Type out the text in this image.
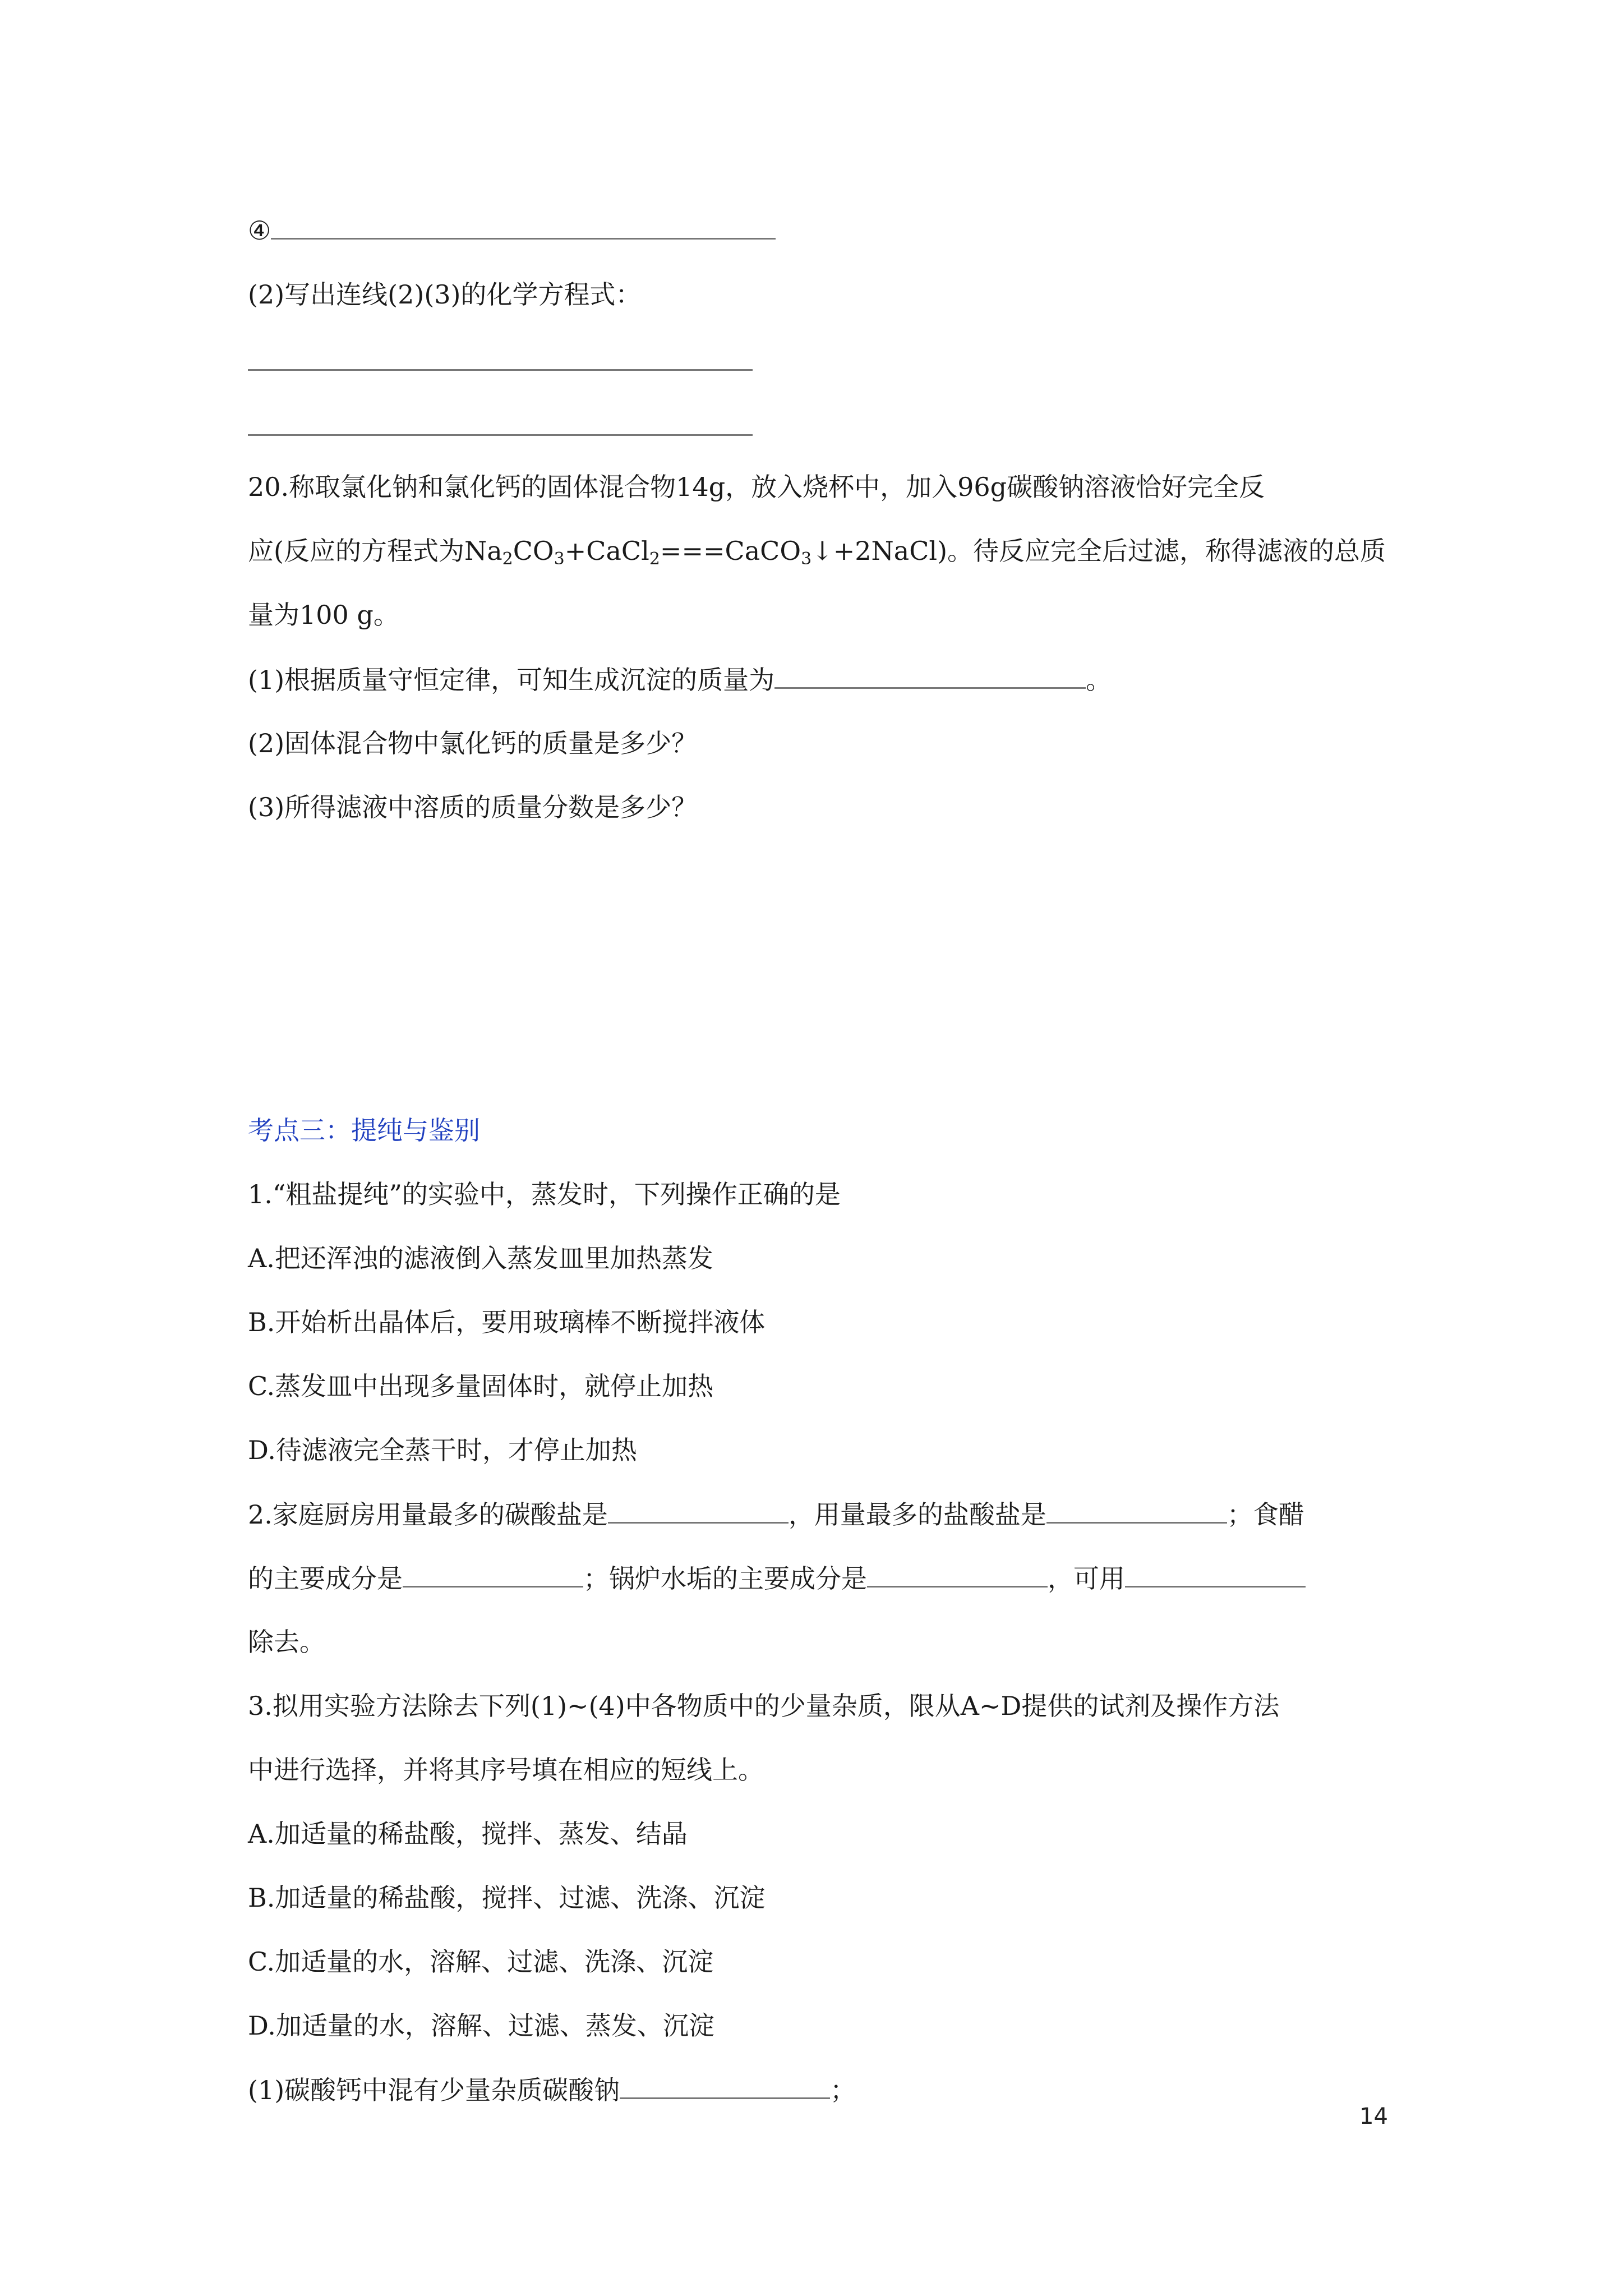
④
(2)写出连线(2)(3)的化学方程式：
20.称取氯化钠和氯化钙的固体混合物14g，放入烧杯中，加入96g碳酸钠溶液恰好完全反
应(反应的方程式为$Na_2CO_3+CaCl_2===CaCO_3↓+2NaCl$)。待反应完全后过滤，称得滤液的总质
量为100 g。
(1)根据质量守恒定律，可知生成沉淀的质量为	。
(2)固体混合物中氯化钙的质量是多少？
(3)所得滤液中溶质的质量分数是多少？
考点三：提纯与鉴别
1.“粗盐提纯”的实验中，蒸发时，下列操作正确的是
A.把还浑浊的滤液倒入蒸发皿里加热蒸发
B.开始析出晶体后，要用玻璃棒不断搅拌液体
C.蒸发皿中出现多量固体时，就停止加热
D.待滤液完全蒸干时，才停止加热
2.家庭厨房用量最多的碳酸盐是	，用量最多的盐酸盐是	；食醋
的主要成分是	；锅炉水垢的主要成分是	，可用
除去。
3.拟用实验方法除去下列(1)~(4)中各物质中的少量杂质，限从A~D提供的试剂及操作方法
中进行选择，并将其序号填在相应的短线上。
A.加适量的稀盐酸，搅拌、蒸发、结晶
B.加适量的稀盐酸，搅拌、过滤、洗涤、沉淀
C.加适量的水，溶解、过滤、洗涤、沉淀
D.加适量的水，溶解、过滤、蒸发、沉淀
(1)碳酸钙中混有少量杂质碳酸钠	；
14
